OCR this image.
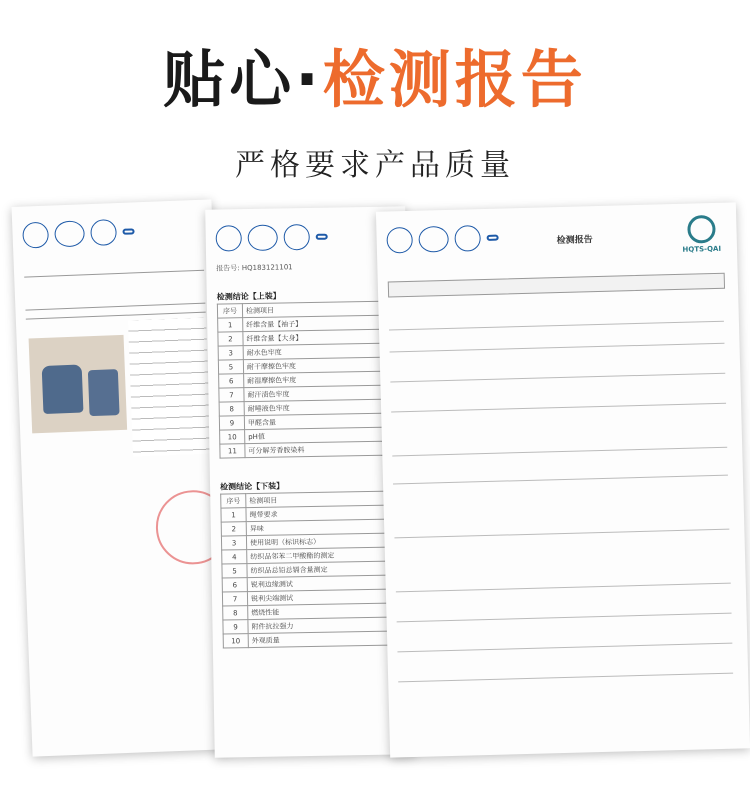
贴心·检测报告
严格要求产品质量
报告号: HQ183121101
检测结论【上装】
序号	检测项目	
1	纤维含量【袖子】	
2	纤维含量【大身】	
3	耐水色牢度	
5	耐干摩擦色牢度	
6	耐湿摩擦色牢度	
7	耐汗渍色牢度	
8	耐唾液色牢度	
9	甲醛含量	
10	pH值	
11	可分解芳香胺染料	
检测结论【下装】
序号	检测项目	
1	绳带要求	
2	异味	
3	使用说明（标识标志）	
4	纺织品邻苯二甲酸酯的测定	
5	纺织品总铅总镉含量测定	
6	锐利边缘测试	
7	锐利尖端测试	
8	燃烧性能	
9	附件抗拉强力	
10	外观质量	
检测报告
HQTS-QAI
